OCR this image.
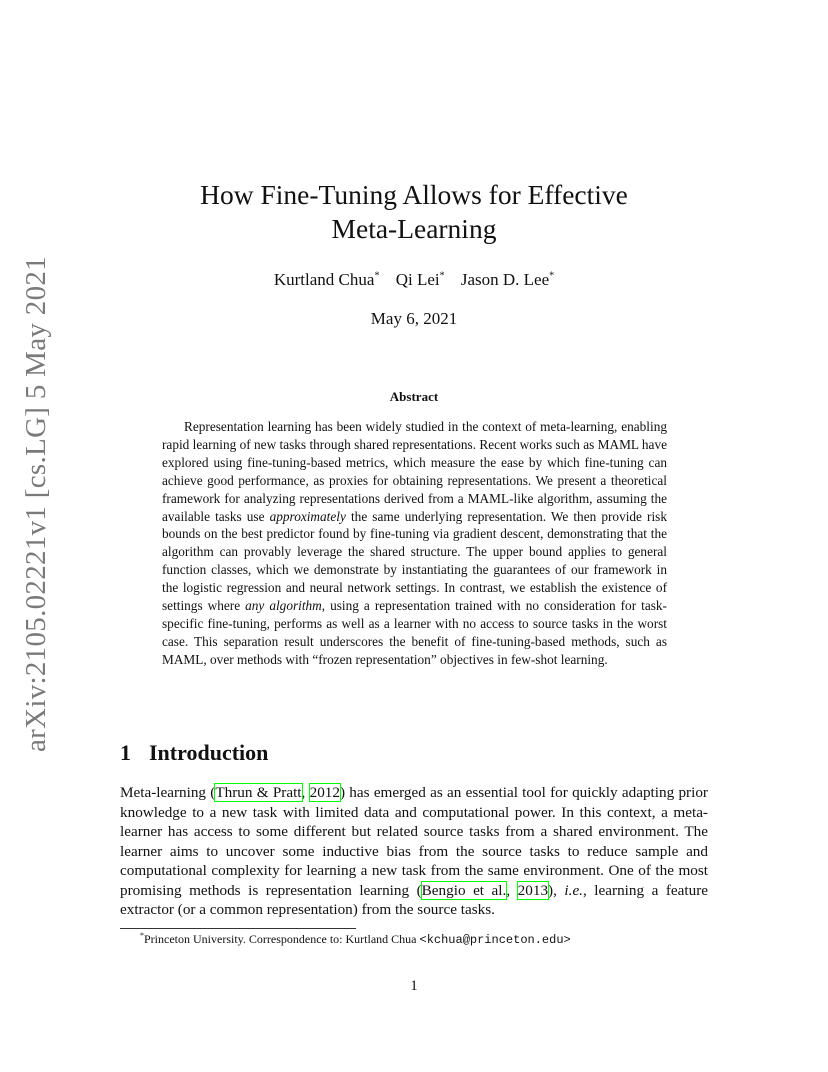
arXiv:2105.02221v1 [cs.LG] 5 May 2021
How Fine-Tuning Allows for Effective
Meta-Learning
Kurtland Chua* Qi Lei* Jason D. Lee*
May 6, 2021
Abstract

Representation learning has been widely studied in the context of meta-learning, enabling rapid learning of new tasks through shared representations. Recent works such as MAML have explored using fine-tuning-based metrics, which measure the ease by which fine-tuning can achieve good performance, as proxies for obtaining representations. We present a theoretical framework for analyzing representations derived from a MAML-like algorithm, assuming the available tasks use approximately the same underlying representation. We then provide risk bounds on the best predictor found by fine-tuning via gradient descent, demonstrating that the algorithm can provably leverage the shared structure. The upper bound applies to general function classes, which we demonstrate by instantiating the guarantees of our framework in the logistic regression and neural network settings. In contrast, we establish the existence of settings where any algorithm, using a representation trained with no consideration for task-specific fine-tuning, performs as well as a learner with no access to source tasks in the worst case. This separation result underscores the benefit of fine-tuning-based methods, such as MAML, over methods with “frozen representation” objectives in few-shot learning.

1 Introduction

Meta-learning (Thrun & Pratt, 2012) has emerged as an essential tool for quickly adapting prior knowledge to a new task with limited data and computational power. In this context, a meta-learner has access to some different but related source tasks from a shared environment. The learner aims to uncover some inductive bias from the source tasks to reduce sample and computational complexity for learning a new task from the same environment. One of the most promising methods is representation learning (Bengio et al., 2013), i.e., learning a feature extractor (or a common representation) from the source tasks.

*Princeton University. Correspondence to: Kurtland Chua <kchua@princeton.edu>
1
